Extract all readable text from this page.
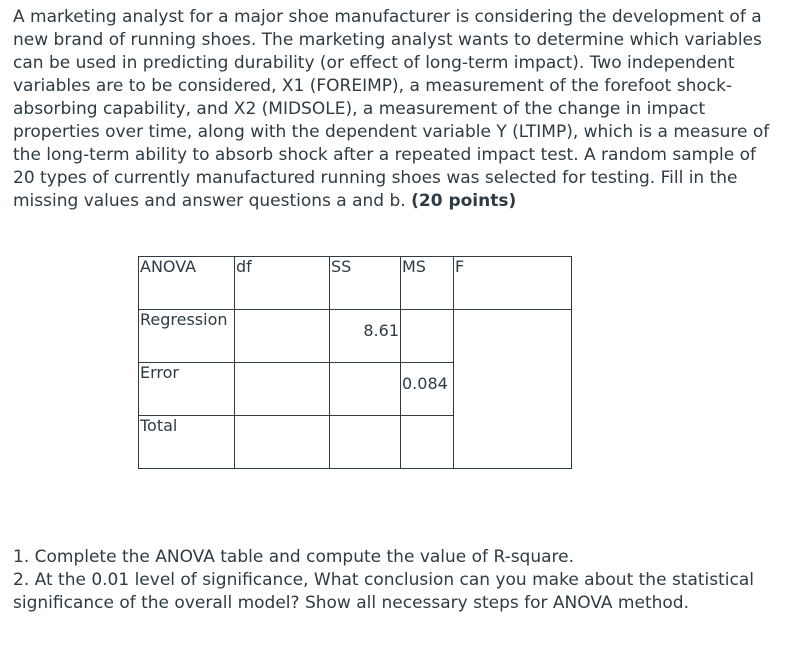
A marketing analyst for a major shoe manufacturer is considering the development of a new brand of running shoes. The marketing analyst wants to determine which variables can be used in predicting durability (or effect of long-term impact). Two independent variables are to be considered, X1 (FOREIMP), a measurement of the forefoot shock-absorbing capability, and X2 (MIDSOLE), a measurement of the change in impact properties over time, along with the dependent variable Y (LTIMP), which is a measure of the long-term ability to absorb shock after a repeated impact test. A random sample of 20 types of currently manufactured running shoes was selected for testing. Fill in the missing values and answer questions a and b. (20 points)

ANOVA	df	SS	MS	F
Regression		8.61		

Error			0.084	

Total				
1. Complete the ANOVA table and compute the value of R-square.
2. At the 0.01 level of significance, What conclusion can you make about the statistical significance of the overall model? Show all necessary steps for ANOVA method.
